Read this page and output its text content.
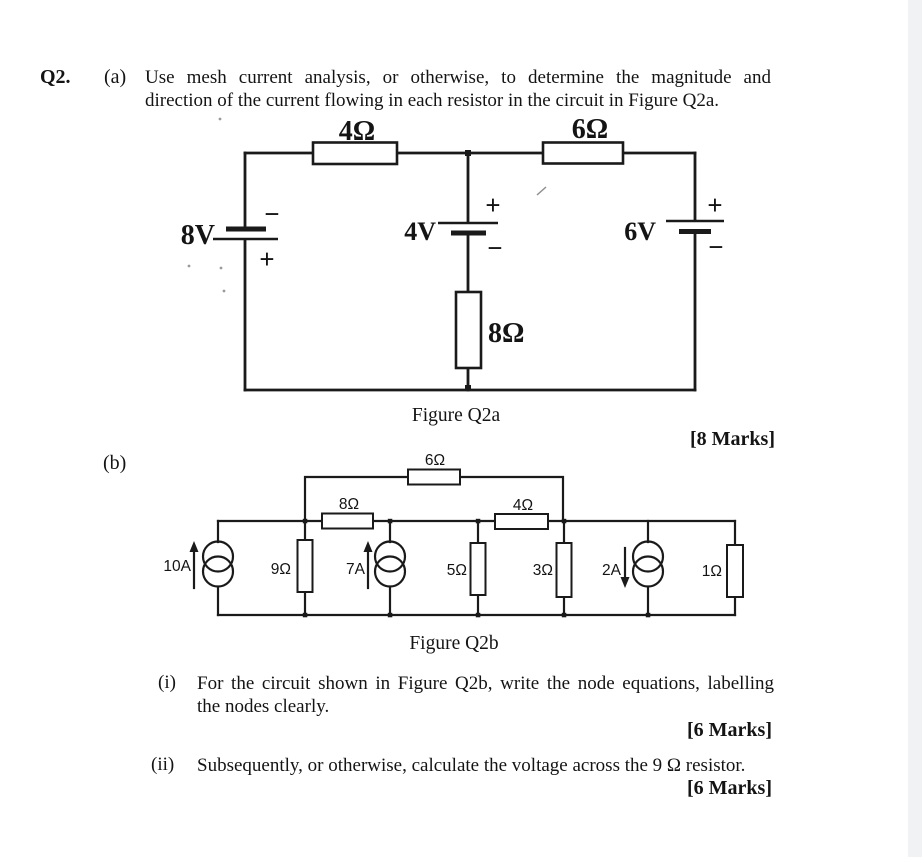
Q2. (a) Use mesh current analysis, or otherwise, to determine the magnitude and
direction of the current flowing in each resistor in the circuit in Figure Q2a.
4Ω	6Ω
8Ω
8V
−
+
4V
+
−
6V
+
−
Figure Q2a
[8 Marks]
(b)	6Ω
8Ω	4Ω
10A	9Ω	7A	5Ω	3Ω	2A	1Ω
Figure Q2b
(i) For the circuit shown in Figure Q2b, write the node equations, labelling
the nodes clearly.
[6 Marks]
(ii) Subsequently, or otherwise, calculate the voltage across the 9 Ω resistor.
[6 Marks]
